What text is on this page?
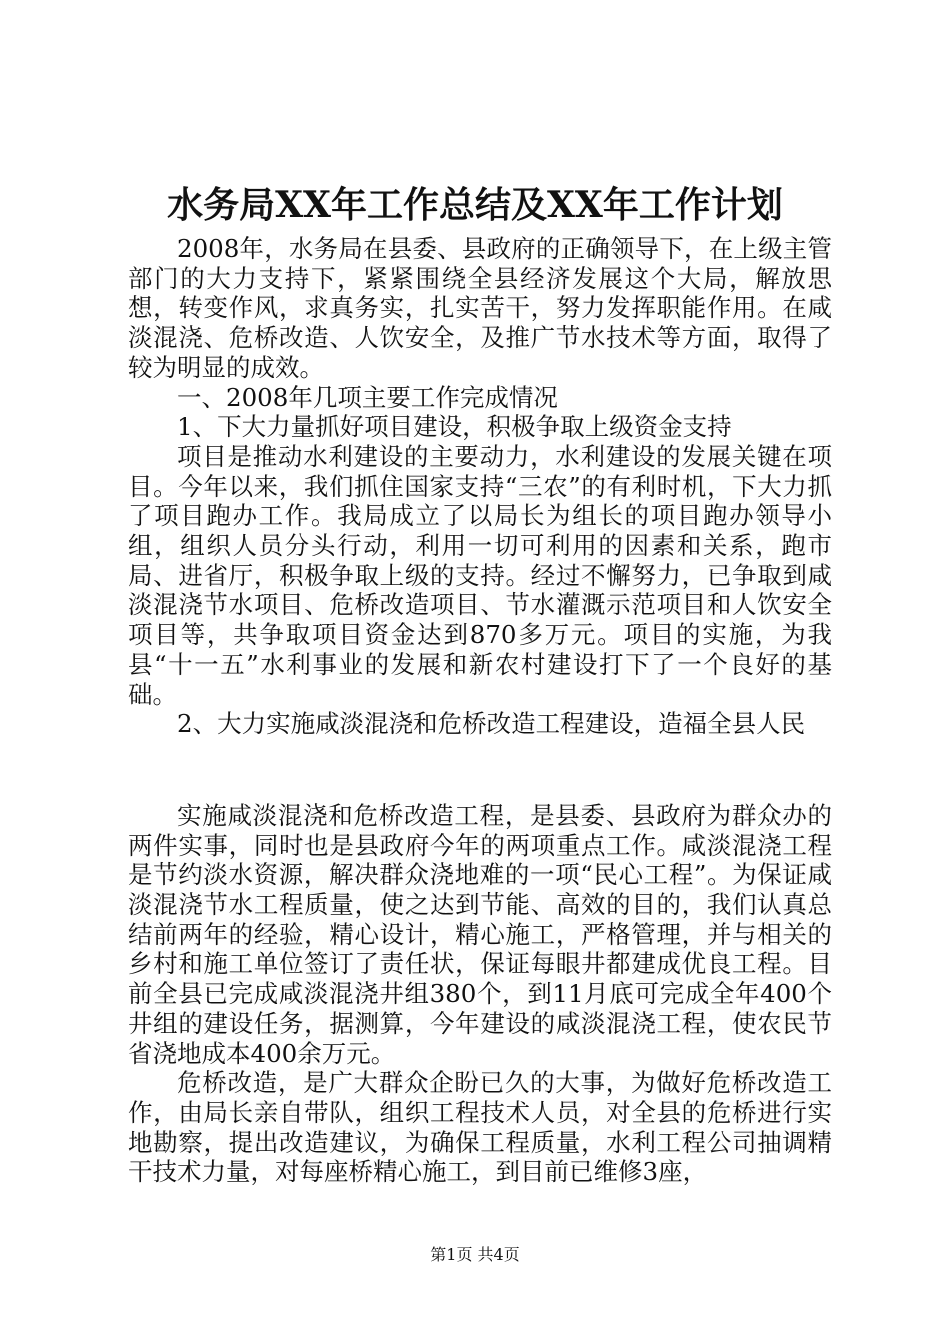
水务局XX年工作总结及XX年工作计划

2008年，水务局在县委、县政府的正确领导下，在上级主管部门的大力支持下，紧紧围绕全县经济发展这个大局，解放思想，转变作风，求真务实，扎实苦干，努力发挥职能作用。在咸淡混浇、危桥改造、人饮安全，及推广节水技术等方面，取得了较为明显的成效。

一、2008年几项主要工作完成情况

1、下大力量抓好项目建设，积极争取上级资金支持

项目是推动水利建设的主要动力，水利建设的发展关键在项目。今年以来，我们抓住国家支持“三农”的有利时机，下大力抓了项目跑办工作。我局成立了以局长为组长的项目跑办领导小组，组织人员分头行动，利用一切可利用的因素和关系，跑市局、进省厅，积极争取上级的支持。经过不懈努力，已争取到咸淡混浇节水项目、危桥改造项目、节水灌溉示范项目和人饮安全项目等，共争取项目资金达到870多万元。项目的实施，为我县“十一五”水利事业的发展和新农村建设打下了一个良好的基础。

2、大力实施咸淡混浇和危桥改造工程建设，造福全县人民

实施咸淡混浇和危桥改造工程，是县委、县政府为群众办的两件实事，同时也是县政府今年的两项重点工作。咸淡混浇工程是节约淡水资源，解决群众浇地难的一项“民心工程”。为保证咸淡混浇节水工程质量，使之达到节能、高效的目的，我们认真总结前两年的经验，精心设计，精心施工，严格管理，并与相关的乡村和施工单位签订了责任状，保证每眼井都建成优良工程。目前全县已完成咸淡混浇井组380个，到11月底可完成全年400个井组的建设任务，据测算，今年建设的咸淡混浇工程，使农民节省浇地成本400余万元。

危桥改造，是广大群众企盼已久的大事，为做好危桥改造工作，由局长亲自带队，组织工程技术人员，对全县的危桥进行实地勘察，提出改造建议，为确保工程质量，水利工程公司抽调精干技术力量，对每座桥精心施工，到目前已维修3座，

第1页 共4页
